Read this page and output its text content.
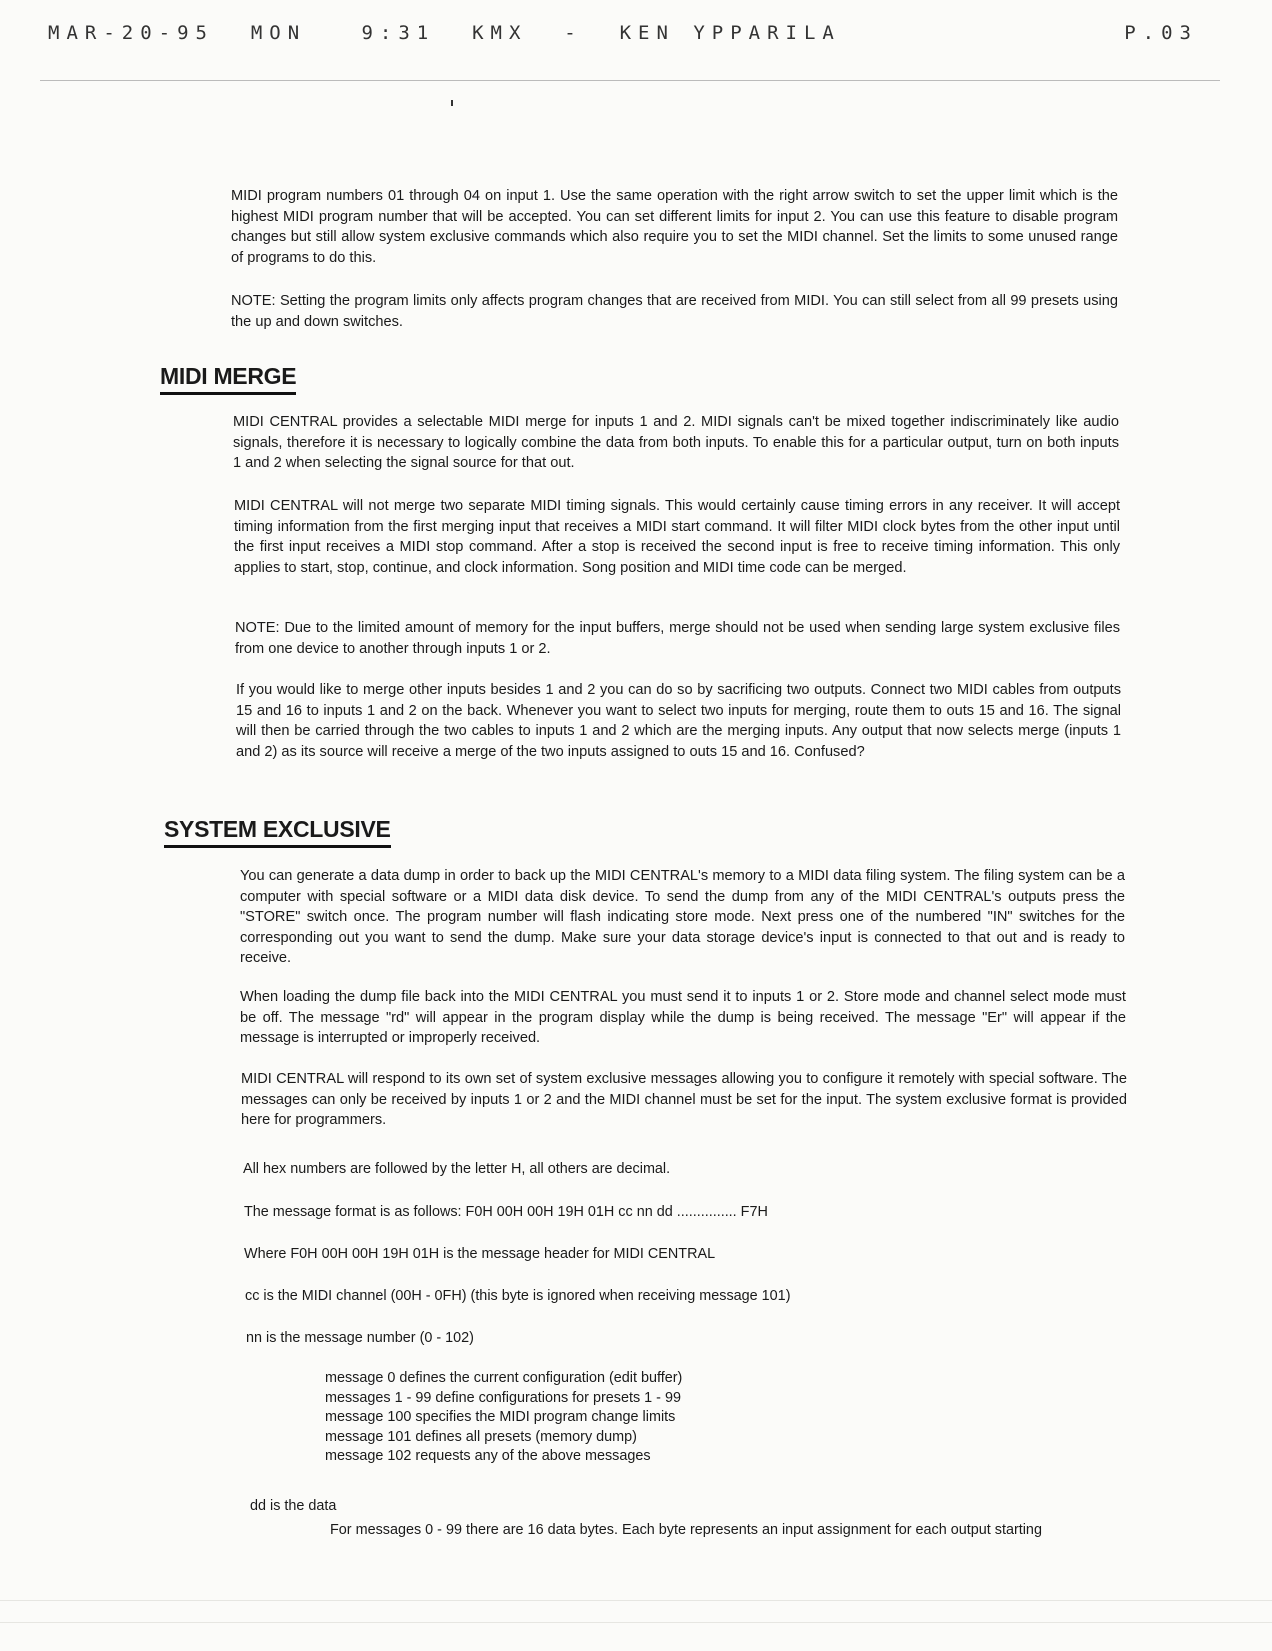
MAR-20-95  MON   9:31  KMX  -  KEN YPPARILA	P.03

MIDI program numbers 01 through 04 on input 1. Use the same operation with the right arrow switch to set the upper limit which is the highest MIDI program number that will be accepted. You can set different limits for input 2. You can use this feature to disable program changes but still allow system exclusive commands which also require you to set the MIDI channel. Set the limits to some unused range of programs to do this.

NOTE: Setting the program limits only affects program changes that are received from MIDI. You can still select from all 99 presets using the up and down switches.

MIDI MERGE

MIDI CENTRAL provides a selectable MIDI merge for inputs 1 and 2. MIDI signals can't be mixed together indiscriminately like audio signals, therefore it is necessary to logically combine the data from both inputs. To enable this for a particular output, turn on both inputs 1 and 2 when selecting the signal source for that out.

MIDI CENTRAL will not merge two separate MIDI timing signals. This would certainly cause timing errors in any receiver. It will accept timing information from the first merging input that receives a MIDI start command. It will filter MIDI clock bytes from the other input until the first input receives a MIDI stop command. After a stop is received the second input is free to receive timing information. This only applies to start, stop, continue, and clock information. Song position and MIDI time code can be merged.

NOTE: Due to the limited amount of memory for the input buffers, merge should not be used when sending large system exclusive files from one device to another through inputs 1 or 2.

If you would like to merge other inputs besides 1 and 2 you can do so by sacrificing two outputs. Connect two MIDI cables from outputs 15 and 16 to inputs 1 and 2 on the back. Whenever you want to select two inputs for merging, route them to outs 15 and 16. The signal will then be carried through the two cables to inputs 1 and 2 which are the merging inputs. Any output that now selects merge (inputs 1 and 2) as its source will receive a merge of the two inputs assigned to outs 15 and 16. Confused?

SYSTEM EXCLUSIVE

You can generate a data dump in order to back up the MIDI CENTRAL's memory to a MIDI data filing system. The filing system can be a computer with special software or a MIDI data disk device. To send the dump from any of the MIDI CENTRAL's outputs press the "STORE" switch once. The program number will flash indicating store mode. Next press one of the numbered "IN" switches for the corresponding out you want to send the dump. Make sure your data storage device's input is connected to that out and is ready to receive.

When loading the dump file back into the MIDI CENTRAL you must send it to inputs 1 or 2. Store mode and channel select mode must be off. The message "rd" will appear in the program display while the dump is being received. The message "Er" will appear if the message is interrupted or improperly received.

MIDI CENTRAL will respond to its own set of system exclusive messages allowing you to configure it remotely with special software. The messages can only be received by inputs 1 or 2 and the MIDI channel must be set for the input. The system exclusive format is provided here for programmers.

All hex numbers are followed by the letter H, all others are decimal.

The message format is as follows: F0H 00H 00H 19H 01H cc nn dd ............... F7H

Where F0H 00H 00H 19H 01H is the message header for MIDI CENTRAL

cc is the MIDI channel (00H - 0FH) (this byte is ignored when receiving message 101)

nn is the message number (0 - 102)

message 0 defines the current configuration (edit buffer)
messages 1 - 99 define configurations for presets 1 - 99
message 100 specifies the MIDI program change limits
message 101 defines all presets (memory dump)
message 102 requests any of the above messages

dd is the data

For messages 0 - 99 there are 16 data bytes. Each byte represents an input assignment for each output starting
